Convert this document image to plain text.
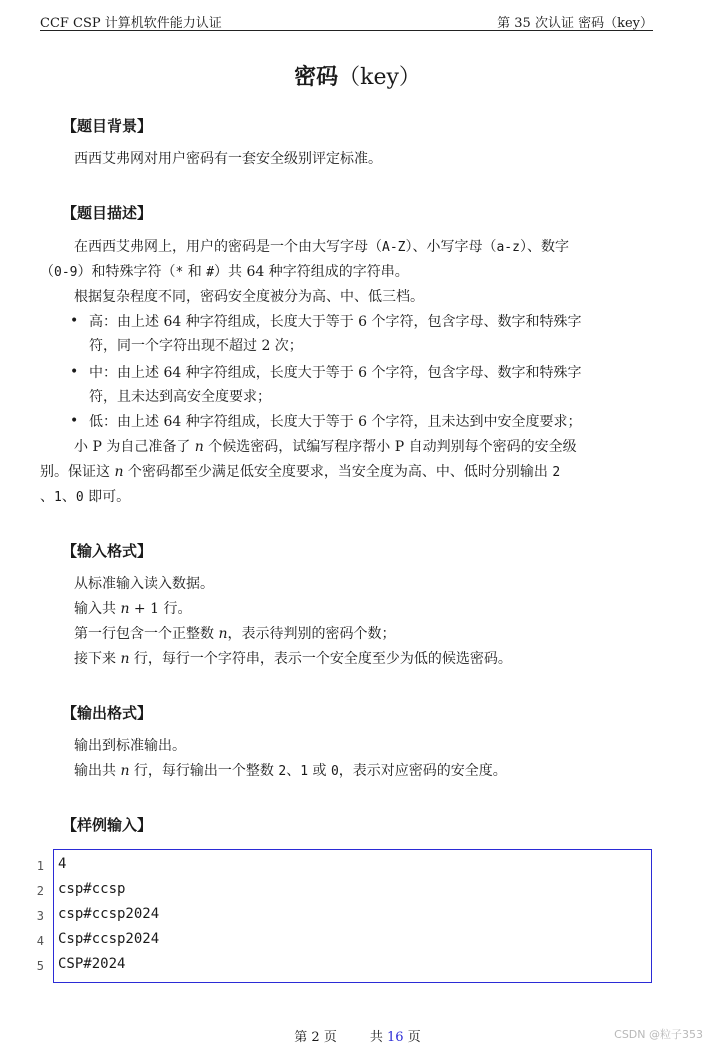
CCF CSP 计算机软件能力认证	第 35 次认证 密码（key）
密码（key）
【题目背景】

西西艾弗网对用户密码有一套安全级别评定标准。

【题目描述】

在西西艾弗网上，用户的密码是一个由大写字母（A-Z）、小写字母（a-z）、数字

（0-9）和特殊字符（* 和 #）共 64 种字符组成的字符串。

根据复杂程度不同，密码安全度被分为高、中、低三档。

• 高：由上述 64 种字符组成，长度大于等于 6 个字符，包含字母、数字和特殊字
符，同一个字符出现不超过 2 次；
• 中：由上述 64 种字符组成，长度大于等于 6 个字符，包含字母、数字和特殊字
符，且未达到高安全度要求；
• 低：由上述 64 种字符组成，长度大于等于 6 个字符，且未达到中安全度要求；

小 P 为自己准备了 n 个候选密码，试编写程序帮小 P 自动判别每个密码的安全级

别。保证这 n 个密码都至少满足低安全度要求，当安全度为高、中、低时分别输出 2

、1、0 即可。

【输入格式】

从标准输入读入数据。

输入共 n + 1 行。

第一行包含一个正整数 n，表示待判别的密码个数；

接下来 n 行，每行一个字符串，表示一个安全度至少为低的候选密码。

【输出格式】

输出到标准输出。

输出共 n 行，每行输出一个整数 2、1 或 0，表示对应密码的安全度。

【样例输入】
1
2
3
4
5
4
csp#ccsp
csp#ccsp2024
Csp#ccsp2024
CSP#2024
第 2 页	共 16 页	CSDN @粒子353
